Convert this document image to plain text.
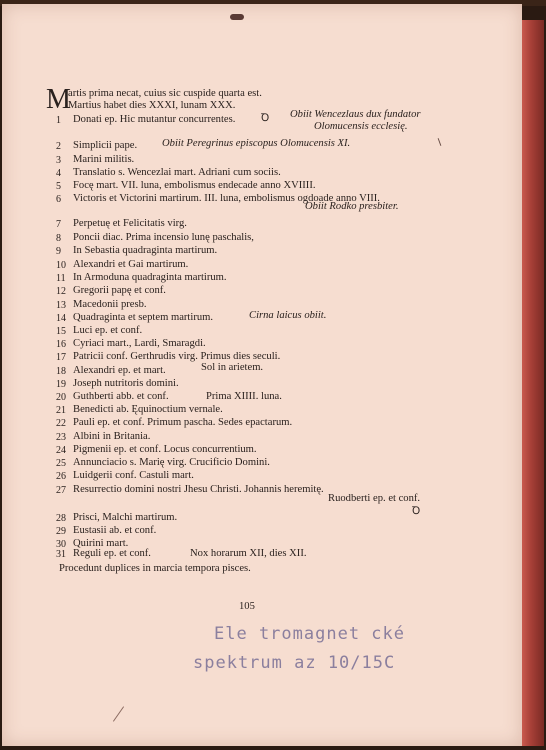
M
artis prima necat, cuius sic cuspide quarta est.
Martius habet dies XXXI, lunam XXX.
1	Donati ep. Hic mutantur concurrentes.
2	Simplicii pape.
3	Marini militis.
4	Translatio s. Wencezlai mart. Adriani cum sociis.
5	Focę mart. VII. luna, embolismus endecade anno XVIIII.
6	Victoris et Victorini martirum. III. luna, embolismus ogdoade anno VIII.
7	Perpetuę et Felicitatis virg.
8	Poncii diac. Prima incensio lunę paschalis,
9	In Sebastia quadraginta martirum.
10 Alexandri et Gai martirum.
11 In Armoduna quadraginta martirum.
12 Gregorii papę et conf.
13 Macedonii presb.
14 Quadraginta et septem martirum.
15 Luci ep. et conf.
16 Cyriaci mart., Lardi, Smaragdi.
17 Patricii conf. Gerthrudis virg. Primus dies seculi.
18 Alexandri ep. et mart.
19 Joseph nutritoris domini.
20 Guthberti abb. et conf.
21 Benedicti ab. Ęquinoctium vernale.
22 Pauli ep. et conf. Primum pascha. Sedes epactarum.
23 Albini in Britania.
24 Pigmenii ep. et conf. Locus concurrentium.
25 Annunciacio s. Marię virg. Crucificio Domini.
26 Luidgerii conf. Castuli mart.
27 Resurrectio domini nostri Jhesu Christi. Johannis heremitę.
28 Prisci, Malchi martirum.
29 Eustasii ab. et conf.
30 Quirini mart.
31 Reguli ep. et conf.
Ꝺ Obiit Wencezlaus dux fundator
Olomucensis ecclesię.
Obiit Peregrinus episcopus Olomucensis XI.
Obiit Rodko presbiter.
Cirna laicus obiit.
Sol in arietem.
Prima XIIII. luna.
Ruodberti ep. et conf.
Ꝺ
Nox horarum XII, dies XII.
Procedunt duplices in marcia tempora pisces.
105
Ele tromagnet cké
spektrum az 10/15C
